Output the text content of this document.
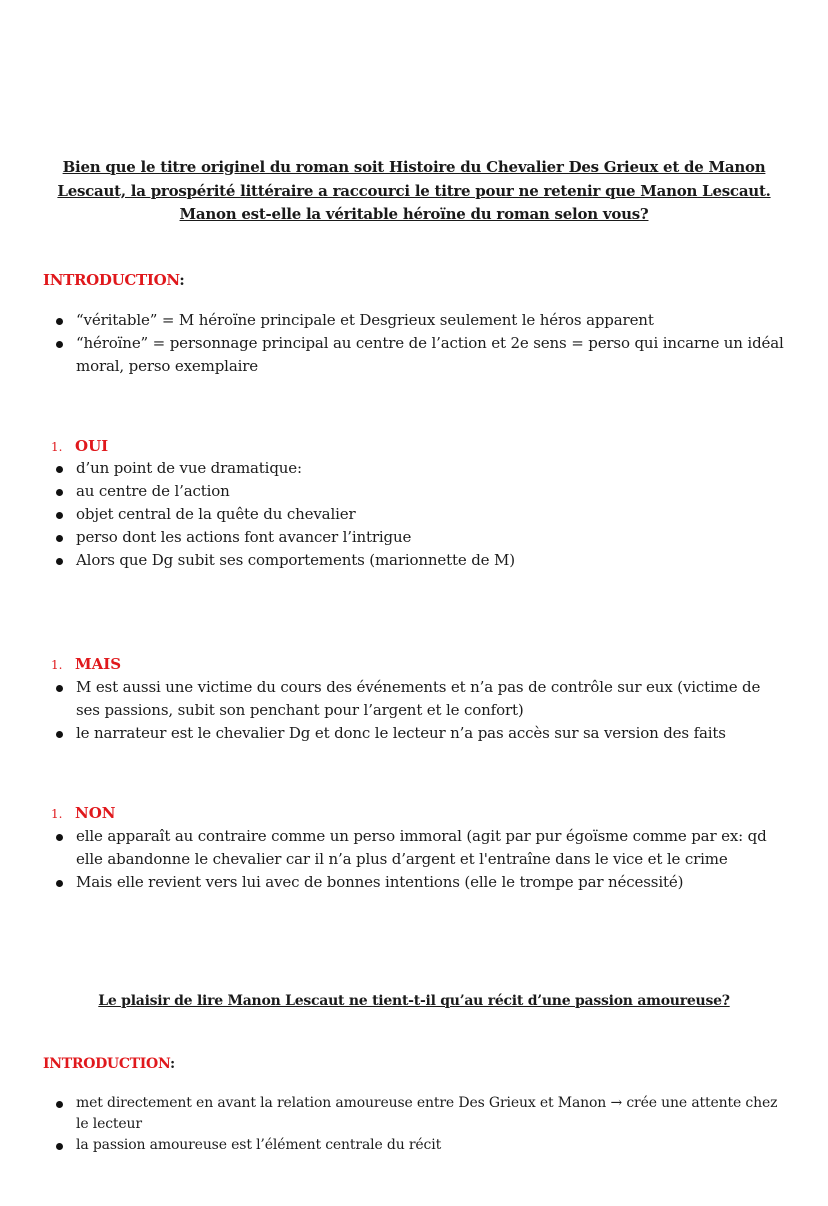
Bien que le titre originel du roman soit Histoire du Chevalier Des Grieux et de Manon Lescaut, la prospérité littéraire a raccourci le titre pour ne retenir que Manon Lescaut. Manon est-elle la véritable héroïne du roman selon vous?
INTRODUCTION:
“véritable” = M héroïne principale et Desgrieux seulement le héros apparent
“héroïne” = personnage principal au centre de l’action et 2e sens = perso qui incarne un idéal moral, perso exemplaire
1. OUI
d’un point de vue dramatique:
au centre de l’action
objet central de la quête du chevalier
perso dont les actions font avancer l’intrigue
Alors que Dg subit ses comportements (marionnette de M)
1. MAIS
M est aussi une victime du cours des événements et n’a pas de contrôle sur eux (victime de ses passions, subit son penchant pour l’argent et le confort)
le narrateur est le chevalier Dg et donc le lecteur n’a pas accès sur sa version des faits
1. NON
elle apparaît au contraire comme un perso immoral (agit par pur égoïsme comme par ex: qd elle abandonne le chevalier car il n’a plus d’argent et l'entraîne dans le vice et le crime
Mais elle revient vers lui avec de bonnes intentions (elle le trompe par nécessité)
Le plaisir de lire Manon Lescaut ne tient-t-il qu’au récit d’une passion amoureuse?
INTRODUCTION:
met directement en avant la relation amoureuse entre Des Grieux et Manon → crée une attente chez le lecteur
la passion amoureuse est l’élément centrale du récit
